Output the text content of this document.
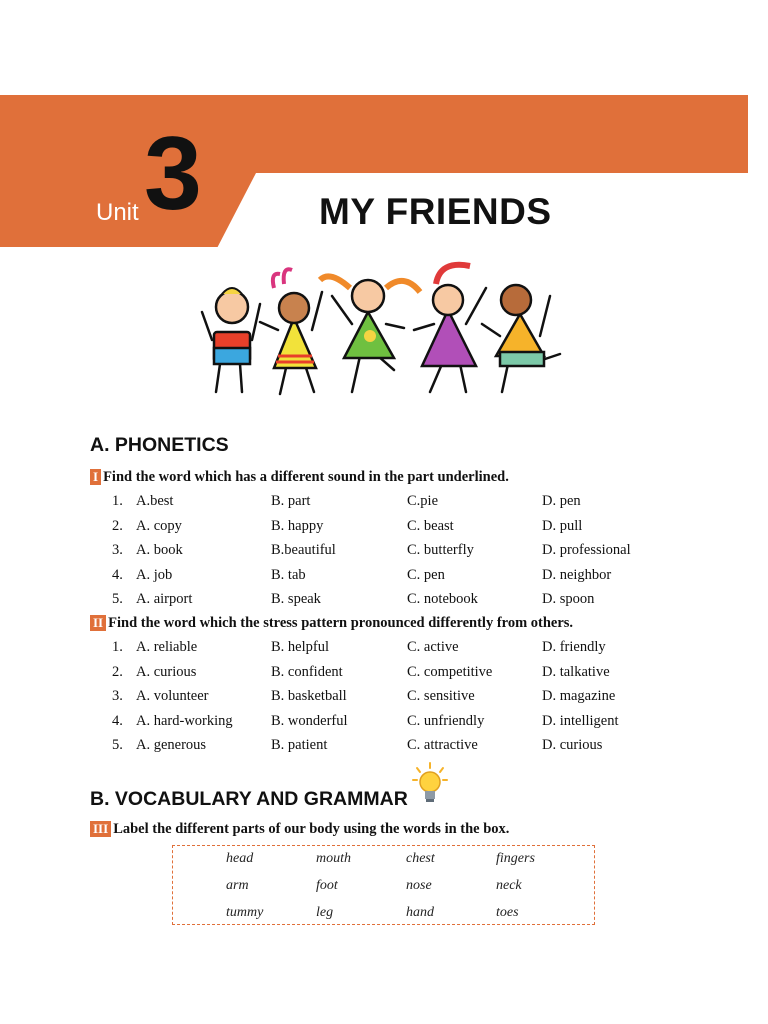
Unit 3	MY FRIENDS
A. PHONETICS
I Find the word which has a different sound in the part underlined.
1. A.best	B. part	C.pie	D. pen
2. A. copy	B. happy	C. beast	D. pull
3. A. book	B.beautiful	C. butterfly	D. professional
4. A. job	B. tab	C. pen	D. neighbor
5. A. airport	B. speak	C. notebook	D. spoon
II Find the word which the stress pattern pronounced differently from others.
1. A. reliable	B. helpful	C. active	D. friendly
2. A. curious	B. confident	C. competitive	D. talkative
3. A. volunteer	B. basketball	C. sensitive	D. magazine
4. A. hard-working	B. wonderful	C. unfriendly	D. intelligent
5. A. generous	B. patient	C. attractive	D. curious
B. VOCABULARY AND GRAMMAR
III Label the different parts of our body using the words in the box.
head	mouth	chest	fingers
arm	foot	nose	neck
tummy	leg	hand	toes
